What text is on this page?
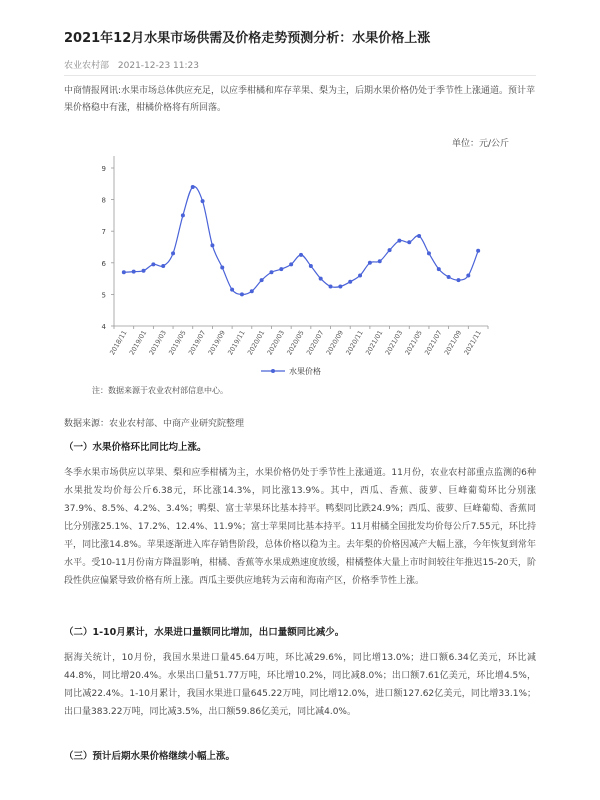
2021年12月水果市场供需及价格走势预测分析：水果价格上涨
农业农村部 2021-12-23 11:23
中商情报网讯:水果市场总体供应充足，以应季柑橘和库存苹果、梨为主，后期水果价格仍处于季节性上涨通道。预计苹果价格稳中有涨，柑橘价格将有所回落。
单位：元/公斤
4
5
6
7
8
9
2018/11 2019/01 2019/03 2019/05 2019/07 2019/09 2019/11 2020/01 2020/03 2020/05 2020/07 2020/09 2020/11 2021/01 2021/03 2021/05 2021/07 2021/09 2021/11
水果价格
注：数据来源于农业农村部信息中心。
数据来源：农业农村部、中商产业研究院整理
（一）水果价格环比同比均上涨。

冬季水果市场供应以苹果、梨和应季柑橘为主，水果价格仍处于季节性上涨通道。11月份，农业农村部重点监测的6种水果批发均价每公斤6.38元，环比涨14.3%，同比涨13.9%。其中，西瓜、香蕉、菠萝、巨峰葡萄环比分别涨37.9%、8.5%、4.2%、3.4%；鸭梨、富士苹果环比基本持平。鸭梨同比跌24.9%；西瓜、菠萝、巨峰葡萄、香蕉同比分别涨25.1%、17.2%、12.4%、11.9%；富士苹果同比基本持平。11月柑橘全国批发均价每公斤7.55元，环比持平，同比涨14.8%。苹果逐渐进入库存销售阶段，总体价格以稳为主。去年梨的价格因减产大幅上涨，今年恢复到常年水平。受10-11月份南方降温影响，柑橘、香蕉等水果成熟速度放缓，柑橘整体大量上市时间较往年推迟15-20天，阶段性供应偏紧导致价格有所上涨。西瓜主要供应地转为云南和海南产区，价格季节性上涨。

（二）1-10月累计，水果进口量额同比增加，出口量额同比减少。

据海关统计，10月份，我国水果进口量45.64万吨，环比减29.6%，同比增13.0%；进口额6.34亿美元，环比减44.8%，同比增20.4%。水果出口量51.77万吨，环比增10.2%，同比减8.0%；出口额7.61亿美元，环比增4.5%，同比减22.4%。1-10月累计，我国水果进口量645.22万吨，同比增12.0%，进口额127.62亿美元，同比增33.1%；出口量383.22万吨，同比减3.5%，出口额59.86亿美元，同比减4.0%。

（三）预计后期水果价格继续小幅上涨。
